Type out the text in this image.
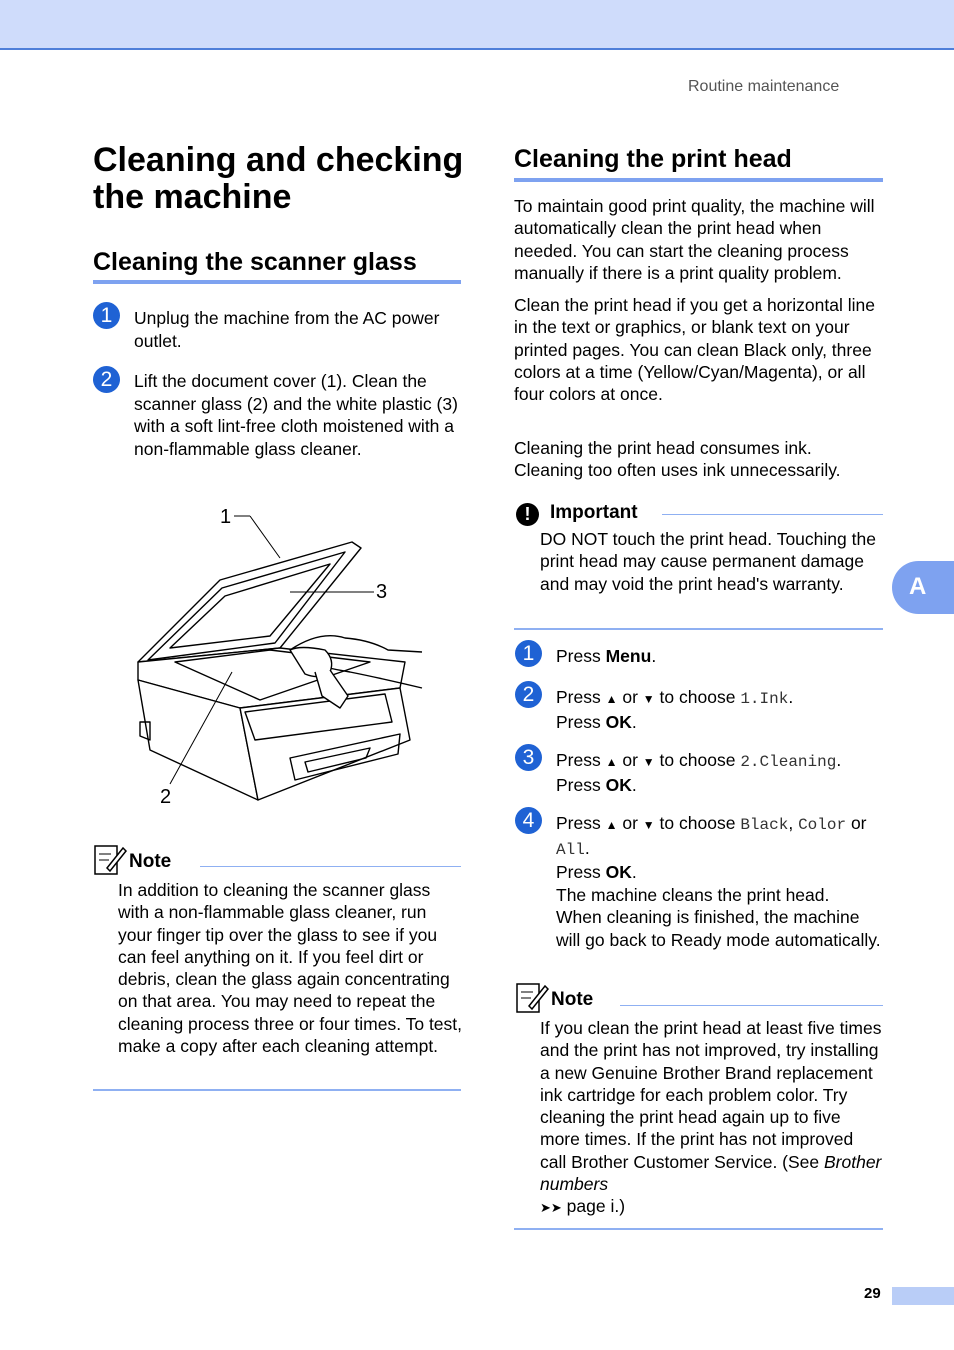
Routine maintenance
Cleaning and checking the machine
Cleaning the scanner glass
1	Unplug the machine from the AC power outlet.
2	Lift the document cover (1). Clean the scanner glass (2) and the white plastic (3) with a soft lint-free cloth moistened with a non-flammable glass cleaner.
1
3
2
Note
In addition to cleaning the scanner glass with a non-flammable glass cleaner, run your finger tip over the glass to see if you can feel anything on it. If you feel dirt or debris, clean the glass again concentrating on that area. You may need to repeat the cleaning process three or four times. To test, make a copy after each cleaning attempt.
Cleaning the print head

To maintain good print quality, the machine will automatically clean the print head when needed. You can start the cleaning process manually if there is a print quality problem.

Clean the print head if you get a horizontal line in the text or graphics, or blank text on your printed pages. You can clean Black only, three colors at a time (Yellow/Cyan/Magenta), or all four colors at once.

Cleaning the print head consumes ink. Cleaning too often uses ink unnecessarily.

!	Important
DO NOT touch the print head. Touching the print head may cause permanent damage and may void the print head's warranty.
1	Press Menu.
2	Press ▲ or ▼ to choose 1.Ink.
Press OK.
3	Press ▲ or ▼ to choose 2.Cleaning.
Press OK.
4	Press ▲ or ▼ to choose Black, Color or All.
Press OK.
The machine cleans the print head.
When cleaning is finished, the machine will go back to Ready mode automatically.
Note
If you clean the print head at least five times and the print has not improved, try installing a new Genuine Brother Brand replacement ink cartridge for each problem color. Try cleaning the print head again up to five more times. If the print has not improved call Brother Customer Service. (See Brother numbers
➤➤ page i.)
A
29
